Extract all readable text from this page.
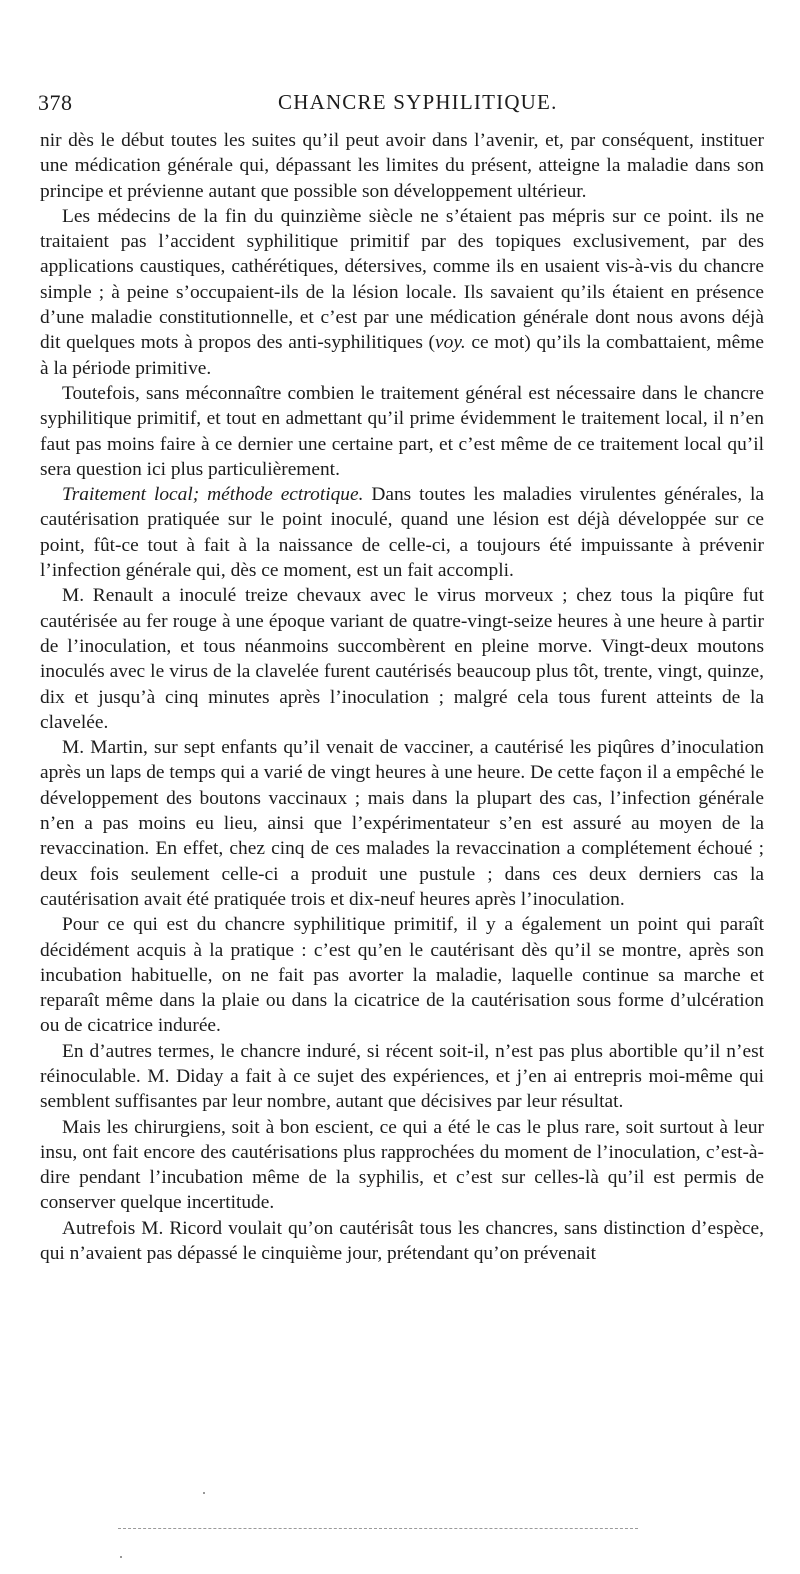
378	CHANCRE SYPHILITIQUE.

nir dès le début toutes les suites qu’il peut avoir dans l’avenir, et, par conséquent, instituer une médication générale qui, dépassant les limites du présent, atteigne la maladie dans son principe et prévienne autant que possible son développement ultérieur.

Les médecins de la fin du quinzième siècle ne s’étaient pas mépris sur ce point. ils ne traitaient pas l’accident syphilitique primitif par des topiques exclusivement, par des applications caustiques, cathérétiques, détersives, comme ils en usaient vis-à-vis du chancre simple ; à peine s’occupaient-ils de la lésion locale. Ils savaient qu’ils étaient en présence d’une maladie constitutionnelle, et c’est par une médication générale dont nous avons déjà dit quelques mots à propos des anti-syphilitiques (voy. ce mot) qu’ils la combattaient, même à la période primitive.

Toutefois, sans méconnaître combien le traitement général est nécessaire dans le chancre syphilitique primitif, et tout en admettant qu’il prime évidemment le traitement local, il n’en faut pas moins faire à ce dernier une certaine part, et c’est même de ce traitement local qu’il sera question ici plus particulièrement.

Traitement local; méthode ectrotique. Dans toutes les maladies virulentes générales, la cautérisation pratiquée sur le point inoculé, quand une lésion est déjà développée sur ce point, fût-ce tout à fait à la naissance de celle-ci, a toujours été impuissante à prévenir l’infection générale qui, dès ce moment, est un fait accompli.

M. Renault a inoculé treize chevaux avec le virus morveux ; chez tous la piqûre fut cautérisée au fer rouge à une époque variant de quatre-vingt-seize heures à une heure à partir de l’inoculation, et tous néanmoins succombèrent en pleine morve. Vingt-deux moutons inoculés avec le virus de la clavelée furent cautérisés beaucoup plus tôt, trente, vingt, quinze, dix et jusqu’à cinq minutes après l’inoculation ; malgré cela tous furent atteints de la clavelée.

M. Martin, sur sept enfants qu’il venait de vacciner, a cautérisé les piqûres d’inoculation après un laps de temps qui a varié de vingt heures à une heure. De cette façon il a empêché le développement des boutons vaccinaux ; mais dans la plupart des cas, l’infection générale n’en a pas moins eu lieu, ainsi que l’expérimentateur s’en est assuré au moyen de la revaccination. En effet, chez cinq de ces malades la revaccination a complétement échoué ; deux fois seulement celle-ci a produit une pustule ; dans ces deux derniers cas la cautérisation avait été pratiquée trois et dix-neuf heures après l’inoculation.

Pour ce qui est du chancre syphilitique primitif, il y a également un point qui paraît décidément acquis à la pratique : c’est qu’en le cautérisant dès qu’il se montre, après son incubation habituelle, on ne fait pas avorter la maladie, laquelle continue sa marche et reparaît même dans la plaie ou dans la cicatrice de la cautérisation sous forme d’ulcération ou de cicatrice indurée.

En d’autres termes, le chancre induré, si récent soit-il, n’est pas plus abortible qu’il n’est réinoculable. M. Diday a fait à ce sujet des expériences, et j’en ai entrepris moi-même qui semblent suffisantes par leur nombre, autant que décisives par leur résultat.

Mais les chirurgiens, soit à bon escient, ce qui a été le cas le plus rare, soit surtout à leur insu, ont fait encore des cautérisations plus rapprochées du moment de l’inoculation, c’est-à-dire pendant l’incubation même de la syphilis, et c’est sur celles-là qu’il est permis de conserver quelque incertitude.

Autrefois M. Ricord voulait qu’on cautérisât tous les chancres, sans distinction d’espèce, qui n’avaient pas dépassé le cinquième jour, prétendant qu’on prévenait
